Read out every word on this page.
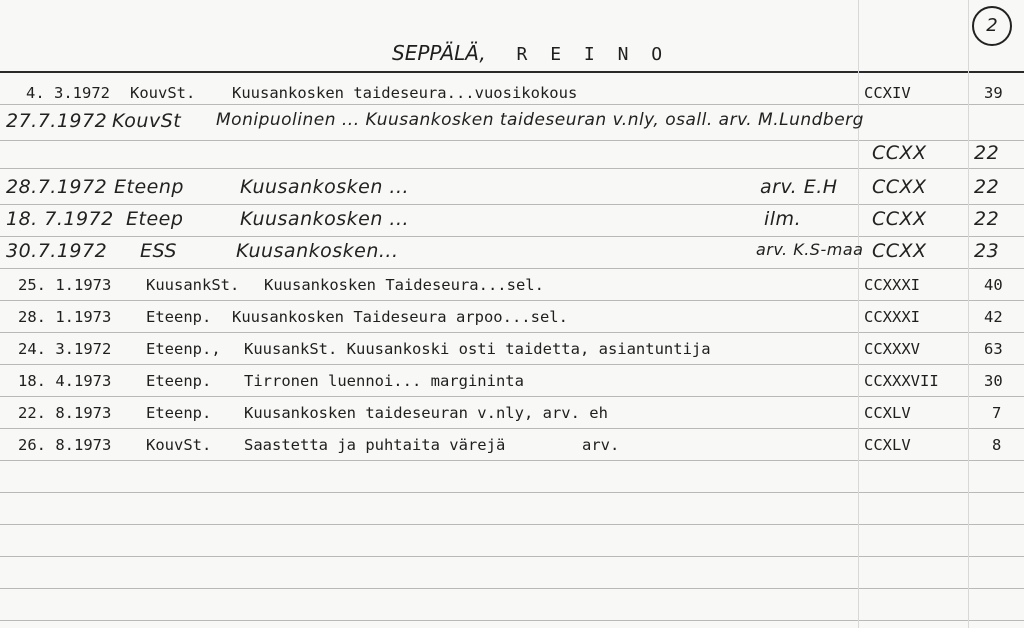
2
SEPPÄLÄ, R E I N O
4. 3.1972 KouvSt. Kuusankosken taideseura...vuosikokous	CCXIV	39
27.7.1972 KouvSt Monipuolinen ... Kuusankosken taideseuran v.nly, osall. arv. M.Lundberg
CCXX 22
28.7.1972 Eteenp	Kuusankosken ...	arv. E.H CCXX 22
18. 7.1972 Eteep	Kuusankosken ...	ilm.	CCXX 22
30.7.1972 ESS	Kuusankosken...	arv. K.S-maa CCXX 23
25. 1.1973 KuusankSt. Kuusankosken Taideseura...sel.	CCXXXI	40
28. 1.1973 Eteenp. Kuusankosken Taideseura arpoo...sel.	CCXXXI	42
24. 3.1972 Eteenp., KuusankSt. Kuusankoski osti taidetta, asiantuntija	CCXXXV	63
18. 4.1973 Eteenp. Tirronen luennoi... margininta	CCXXXVII	30
22. 8.1973 Eteenp. Kuusankosken taideseuran v.nly, arv. eh	CCXLV	7
26. 8.1973 KouvSt. Saastetta ja puhtaita värejä	arv.	CCXLV	8
